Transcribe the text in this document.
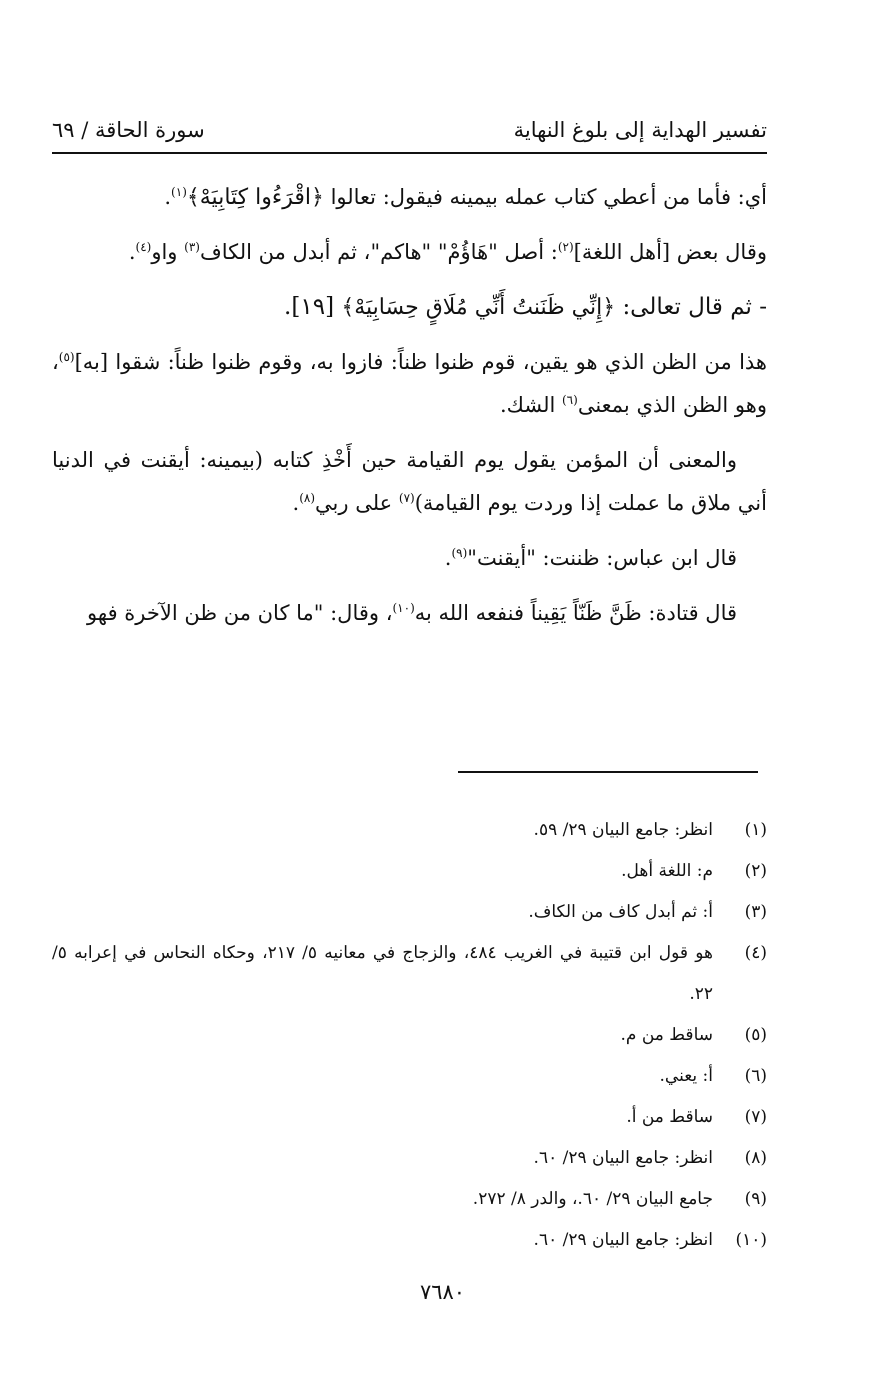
تفسير الهداية إلى بلوغ النهاية
سورة الحاقة / ٦٩

أي: فأما من أعطي كتاب عمله بيمينه فيقول: تعالوا ﴿اقْرَءُوا كِتَابِيَهْ﴾$^{(١)}$.

وقال بعض [أهل اللغة]$^{(٢)}$: أصل "هَاؤُمْ" "هاكم"، ثم أبدل من الكاف$^{(٣)}$ واو$^{(٤)}$.

- ثم قال تعالى: ﴿إِنِّي ظَنَنتُ أَنِّي مُلَاقٍ حِسَابِيَهْ﴾ [١٩].

هذا من الظن الذي هو يقين، قوم ظنوا ظناً: فازوا به، وقوم ظنوا ظناً: شقوا [به]$^{(٥)}$، وهو الظن الذي بمعنى$^{(٦)}$ الشك.

والمعنى أن المؤمن يقول يوم القيامة حين أَخْذِ كتابه (بيمينه: أيقنت في الدنيا أني ملاق ما عملت إذا وردت يوم القيامة)$^{(٧)}$ على ربي$^{(٨)}$.

قال ابن عباس: ظننت: "أيقنت"$^{(٩)}$.

قال قتادة: ظَنَّ ظَنّاً يَقِيناً فنفعه الله به$^{(١٠)}$، وقال: "ما كان من ظن الآخرة فهو

(١)
انظر: جامع البيان ٢٩/ ٥٩.
(٢)
م: اللغة أهل.
(٣)
أ: ثم أبدل كاف من الكاف.
(٤)
هو قول ابن قتيبة في الغريب ٤٨٤، والزجاج في معانيه ٥/ ٢١٧، وحكاه النحاس في إعرابه ٥/ ٢٢.
(٥)
ساقط من م.
(٦)
أ: يعني.
(٧)
ساقط من أ.
(٨)
انظر: جامع البيان ٢٩/ ٦٠.
(٩)
جامع البيان ٢٩/ ٦٠.، والدر ٨/ ٢٧٢.
(١٠)
انظر: جامع البيان ٢٩/ ٦٠.
٧٦٨٠
